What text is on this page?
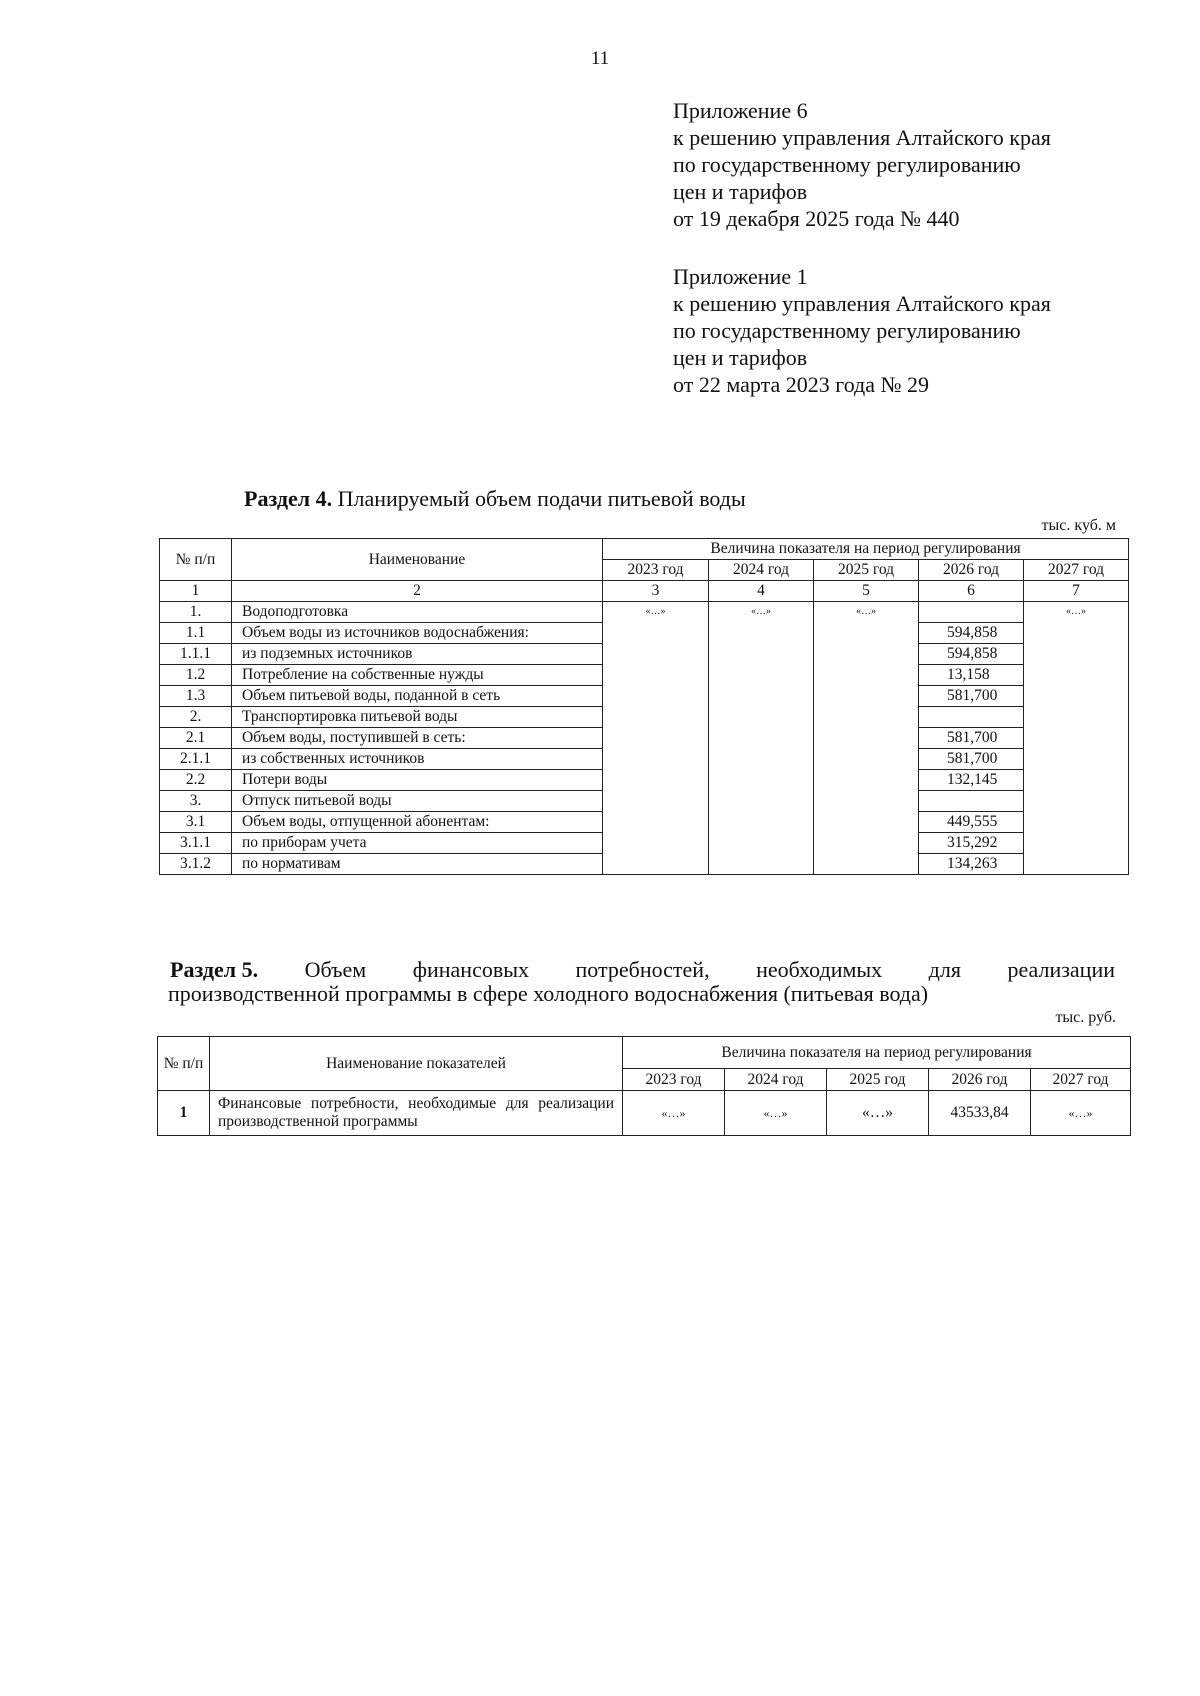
11
Приложение 6
к решению управления Алтайского края
по государственному регулированию
цен и тарифов
от 19 декабря 2025 года № 440
Приложение 1
к решению управления Алтайского края
по государственному регулированию
цен и тарифов
от 22 марта 2023 года № 29
Раздел 4. Планируемый объем подачи питьевой воды
тыс. куб. м
№ п/п	Наименование	Величина показателя на период регулирования				
		2023 год	2024 год	2025 год	2026 год	2027 год
1	2	3	4	5	6	7
1.	Водоподготовка	«…»	«…»	«…»		«…»
1.1	Объем воды из источников водоснабжения:				594,858	
1.1.1	из подземных источников				594,858	
1.2	Потребление на собственные нужды				13,158	
1.3	Объем питьевой воды, поданной в сеть				581,700	
2.	Транспортировка питьевой воды					
2.1	Объем воды, поступившей в сеть:				581,700	
2.1.1	из собственных источников				581,700	
2.2	Потери воды				132,145	
3.	Отпуск питьевой воды					
3.1	Объем воды, отпущенной абонентам:				449,555	
3.1.1	по приборам учета				315,292	
3.1.2	по нормативам				134,263	
Раздел 5. Объем финансовых потребностей, необходимых для реализации
производственной программы в сфере холодного водоснабжения (питьевая вода)
тыс. руб.
№ п/п	Наименование показателей	Величина показателя на период регулирования				
		2023 год	2024 год	2025 год	2026 год	2027 год
1	Финансовые потребности, необходимые для реализации производственной программы	«…»	«…»	«…»	43533,84	«…»
